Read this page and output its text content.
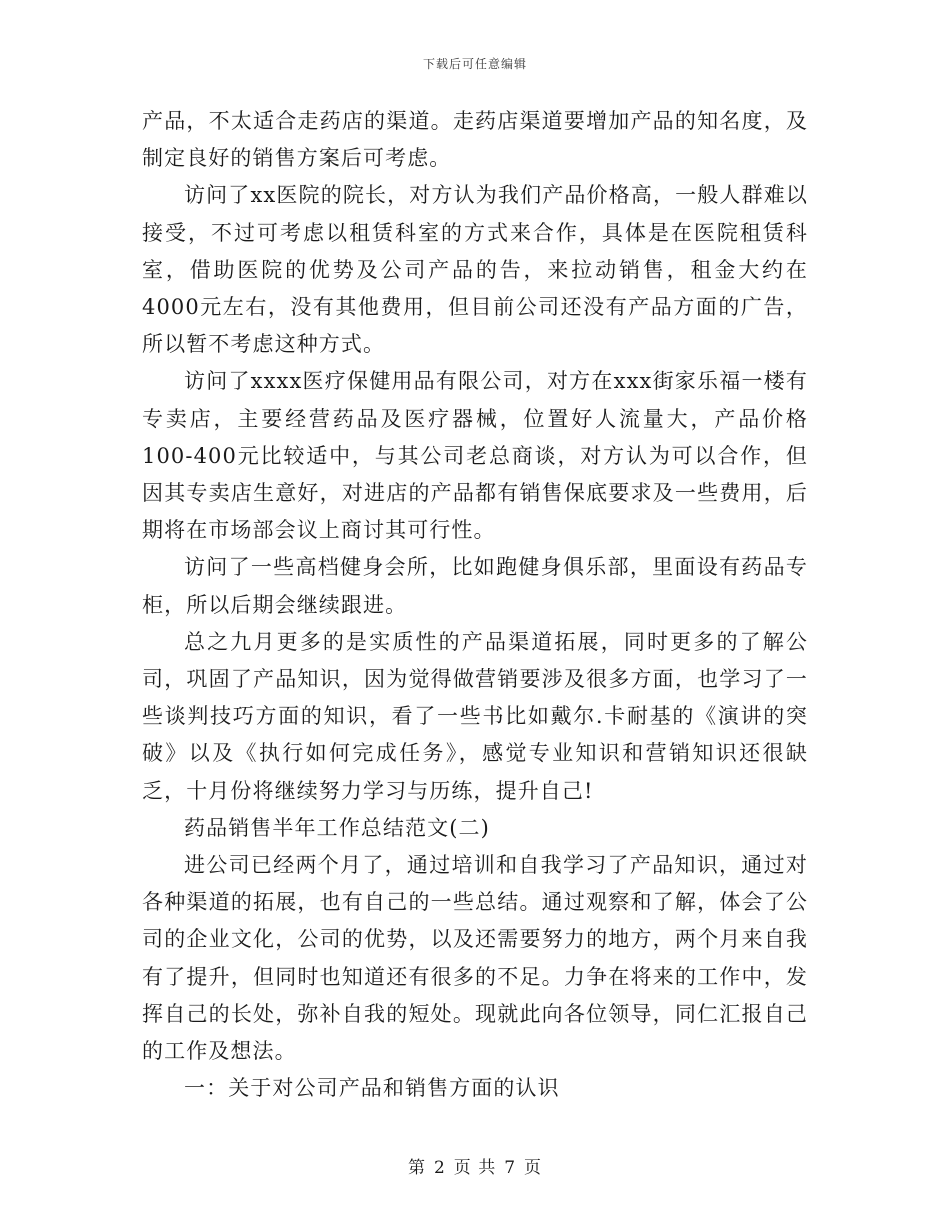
下载后可任意编辑

产品，不太适合走药店的渠道。走药店渠道要增加产品的知名度，及制定良好的销售方案后可考虑。

访问了xx医院的院长，对方认为我们产品价格高，一般人群难以接受，不过可考虑以租赁科室的方式来合作，具体是在医院租赁科室，借助医院的优势及公司产品的告，来拉动销售，租金大约在4000元左右，没有其他费用，但目前公司还没有产品方面的广告，所以暂不考虑这种方式。

访问了xxxx医疗保健用品有限公司，对方在xxx街家乐福一楼有专卖店，主要经营药品及医疗器械，位置好人流量大，产品价格100-400元比较适中，与其公司老总商谈，对方认为可以合作，但因其专卖店生意好，对进店的产品都有销售保底要求及一些费用，后期将在市场部会议上商讨其可行性。

访问了一些高档健身会所，比如跑健身俱乐部，里面设有药品专柜，所以后期会继续跟进。

总之九月更多的是实质性的产品渠道拓展，同时更多的了解公司，巩固了产品知识，因为觉得做营销要涉及很多方面，也学习了一些谈判技巧方面的知识，看了一些书比如戴尔.卡耐基的《演讲的突破》以及《执行如何完成任务》，感觉专业知识和营销知识还很缺乏，十月份将继续努力学习与历练，提升自己!

药品销售半年工作总结范文(二)

进公司已经两个月了，通过培训和自我学习了产品知识，通过对各种渠道的拓展，也有自己的一些总结。通过观察和了解，体会了公司的企业文化，公司的优势，以及还需要努力的地方，两个月来自我有了提升，但同时也知道还有很多的不足。力争在将来的工作中，发挥自己的长处，弥补自我的短处。现就此向各位领导，同仁汇报自己的工作及想法。

一：关于对公司产品和销售方面的认识

第 2 页 共 7 页
